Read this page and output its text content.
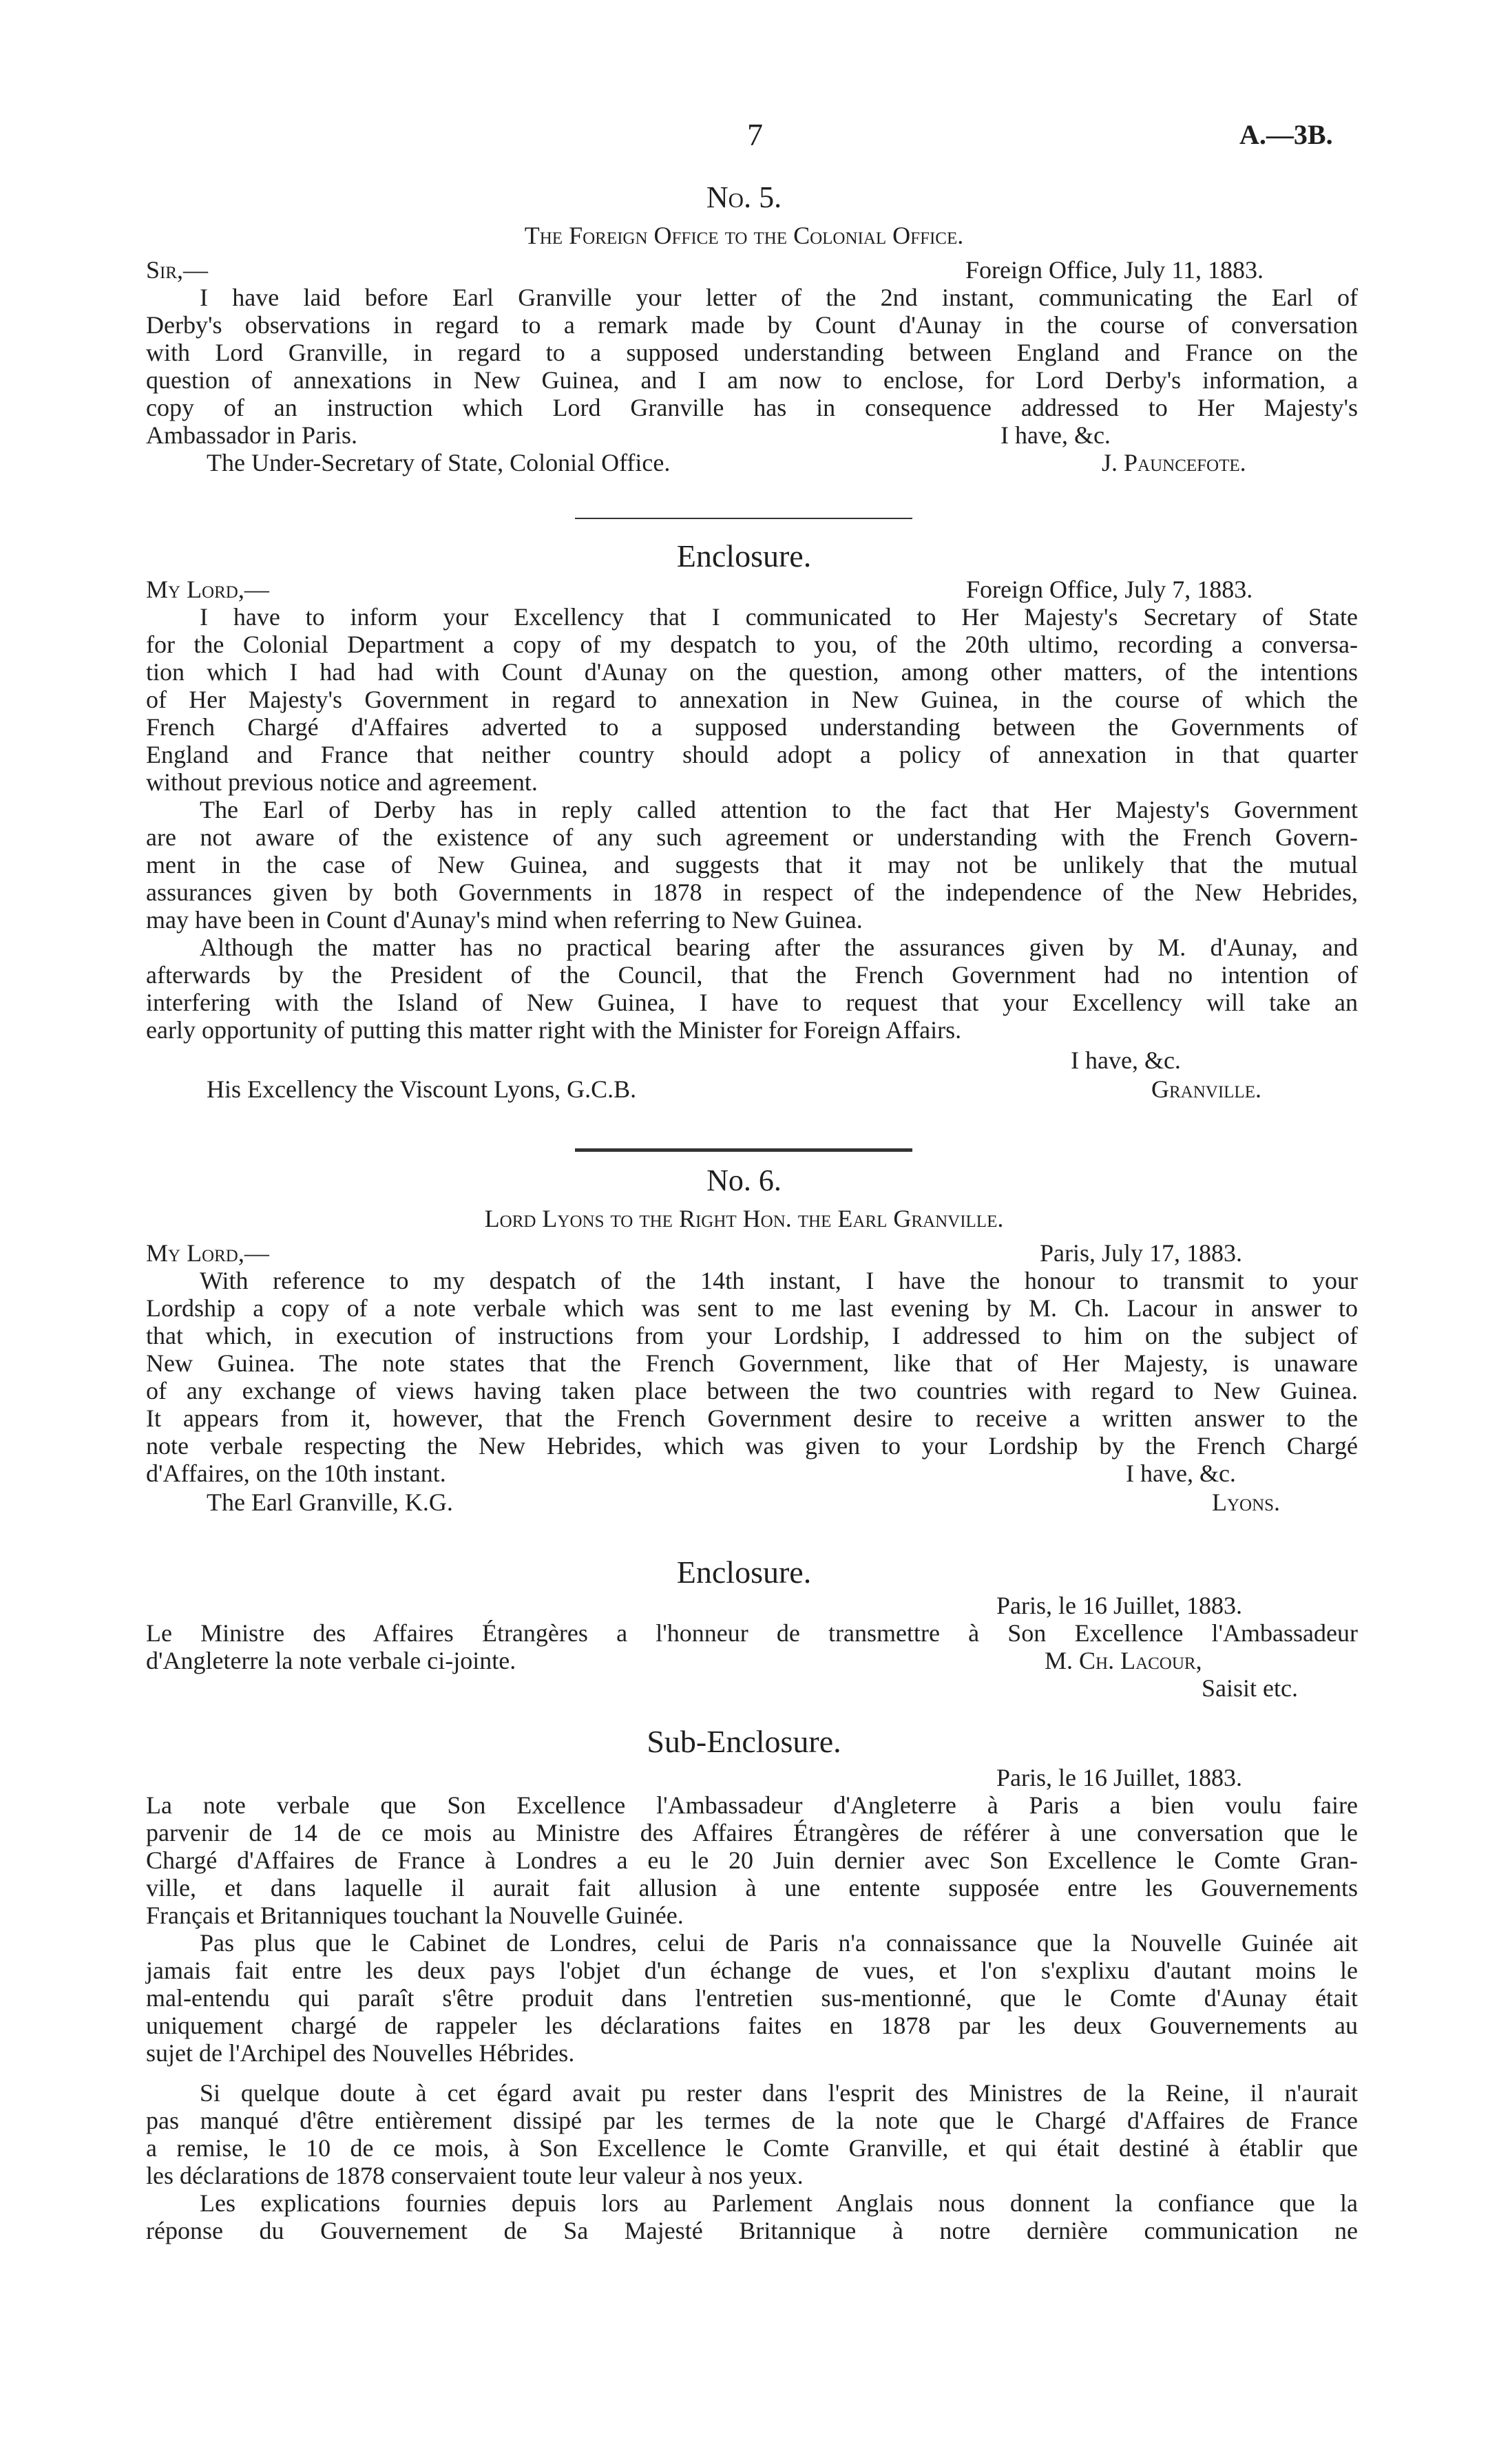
7	A.—3B.
No. 5.
The Foreign Office to the Colonial Office.
Sir,—	Foreign Office, July 11, 1883.
I have laid before Earl Granville your letter of the 2nd instant, communicating the Earl of
Derby's observations in regard to a remark made by Count d'Aunay in the course of conversation
with Lord Granville, in regard to a supposed understanding between England and France on the
question of annexations in New Guinea, and I am now to enclose, for Lord Derby's information, a
copy of an instruction which Lord Granville has in consequence addressed to Her Majesty's
Ambassador in Paris.	I have, &c.
The Under-Secretary of State, Colonial Office.	J. Pauncefote.
Enclosure.
My Lord,—	Foreign Office, July 7, 1883.
I have to inform your Excellency that I communicated to Her Majesty's Secretary of State
for the Colonial Department a copy of my despatch to you, of the 20th ultimo, recording a conversa-
tion which I had had with Count d'Aunay on the question, among other matters, of the intentions
of Her Majesty's Government in regard to annexation in New Guinea, in the course of which the
French Chargé d'Affaires adverted to a supposed understanding between the Governments of
England and France that neither country should adopt a policy of annexation in that quarter
without previous notice and agreement.
The Earl of Derby has in reply called attention to the fact that Her Majesty's Government
are not aware of the existence of any such agreement or understanding with the French Govern-
ment in the case of New Guinea, and suggests that it may not be unlikely that the mutual
assurances given by both Governments in 1878 in respect of the independence of the New Hebrides,
may have been in Count d'Aunay's mind when referring to New Guinea.
Although the matter has no practical bearing after the assurances given by M. d'Aunay, and
afterwards by the President of the Council, that the French Government had no intention of
interfering with the Island of New Guinea, I have to request that your Excellency will take an
early opportunity of putting this matter right with the Minister for Foreign Affairs.
I have, &c.
His Excellency the Viscount Lyons, G.C.B.	Granville.
No. 6.
Lord Lyons to the Right Hon. the Earl Granville.
My Lord,—	Paris, July 17, 1883.
With reference to my despatch of the 14th instant, I have the honour to transmit to your
Lordship a copy of a note verbale which was sent to me last evening by M. Ch. Lacour in answer to
that which, in execution of instructions from your Lordship, I addressed to him on the subject of
New Guinea. The note states that the French Government, like that of Her Majesty, is unaware
of any exchange of views having taken place between the two countries with regard to New Guinea.
It appears from it, however, that the French Government desire to receive a written answer to the
note verbale respecting the New Hebrides, which was given to your Lordship by the French Chargé
d'Affaires, on the 10th instant.	I have, &c.
The Earl Granville, K.G.	Lyons.
Enclosure.
Paris, le 16 Juillet, 1883.
Le Ministre des Affaires Étrangères a l'honneur de transmettre à Son Excellence l'Ambassadeur
d'Angleterre la note verbale ci-jointe.	M. Ch. Lacour,
Saisit etc.
Sub-Enclosure.
Paris, le 16 Juillet, 1883.
La note verbale que Son Excellence l'Ambassadeur d'Angleterre à Paris a bien voulu faire
parvenir de 14 de ce mois au Ministre des Affaires Étrangères de référer à une conversation que le
Chargé d'Affaires de France à Londres a eu le 20 Juin dernier avec Son Excellence le Comte Gran-
ville, et dans laquelle il aurait fait allusion à une entente supposée entre les Gouvernements
Français et Britanniques touchant la Nouvelle Guinée.
Pas plus que le Cabinet de Londres, celui de Paris n'a connaissance que la Nouvelle Guinée ait
jamais fait entre les deux pays l'objet d'un échange de vues, et l'on s'explixu d'autant moins le
mal-entendu qui paraît s'être produit dans l'entretien sus-mentionné, que le Comte d'Aunay était
uniquement chargé de rappeler les déclarations faites en 1878 par les deux Gouvernements au
sujet de l'Archipel des Nouvelles Hébrides.
Si quelque doute à cet égard avait pu rester dans l'esprit des Ministres de la Reine, il n'aurait
pas manqué d'être entièrement dissipé par les termes de la note que le Chargé d'Affaires de France
a remise, le 10 de ce mois, à Son Excellence le Comte Granville, et qui était destiné à établir que
les déclarations de 1878 conservaient toute leur valeur à nos yeux.
Les explications fournies depuis lors au Parlement Anglais nous donnent la confiance que la
réponse du Gouvernement de Sa Majesté Britannique à notre dernière communication ne
